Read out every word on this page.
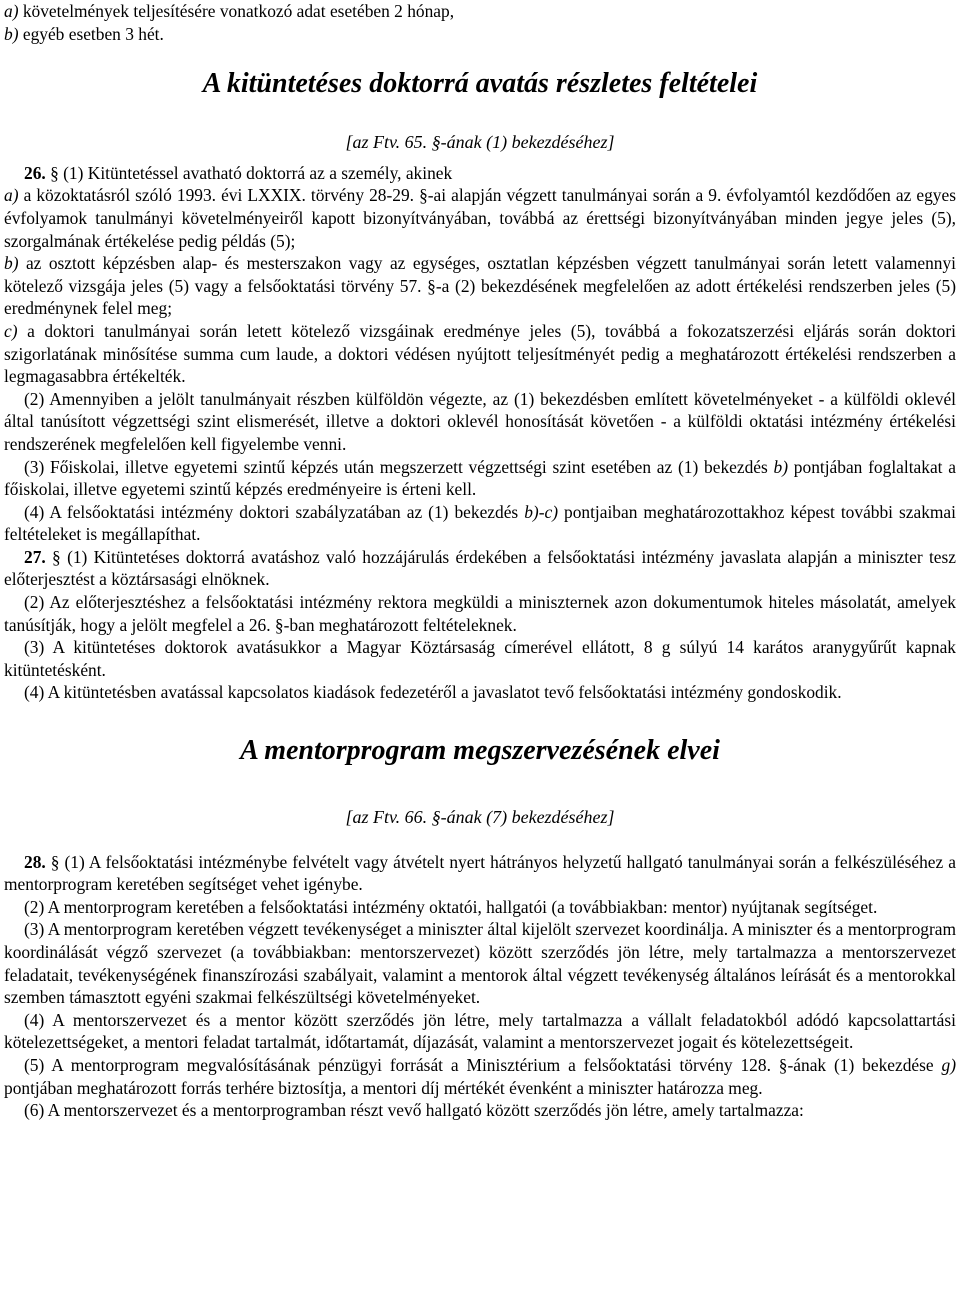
a) követelmények teljesítésére vonatkozó adat esetében 2 hónap,

b) egyéb esetben 3 hét.

A kitüntetéses doktorrá avatás részletes feltételei

[az Ftv. 65. §-ának (1) bekezdéséhez]

26. § (1) Kitüntetéssel avatható doktorrá az a személy, akinek

a) a közoktatásról szóló 1993. évi LXXIX. törvény 28-29. §-ai alapján végzett tanulmányai során a 9. évfolyamtól kezdődően az egyes évfolyamok tanulmányi követelményeiről kapott bizonyítványában, továbbá az érettségi bizonyítványában minden jegye jeles (5), szorgalmának értékelése pedig példás (5);

b) az osztott képzésben alap- és mesterszakon vagy az egységes, osztatlan képzésben végzett tanulmányai során letett valamennyi kötelező vizsgája jeles (5) vagy a felsőoktatási törvény 57. §-a (2) bekezdésének megfelelően az adott értékelési rendszerben jeles (5) eredménynek felel meg;

c) a doktori tanulmányai során letett kötelező vizsgáinak eredménye jeles (5), továbbá a fokozatszerzési eljárás során doktori szigorlatának minősítése summa cum laude, a doktori védésen nyújtott teljesítményét pedig a meghatározott értékelési rendszerben a legmagasabbra értékelték.

(2) Amennyiben a jelölt tanulmányait részben külföldön végezte, az (1) bekezdésben említett követelményeket - a külföldi oklevél által tanúsított végzettségi szint elismerését, illetve a doktori oklevél honosítását követően - a külföldi oktatási intézmény értékelési rendszerének megfelelően kell figyelembe venni.

(3) Főiskolai, illetve egyetemi szintű képzés után megszerzett végzettségi szint esetében az (1) bekezdés b) pontjában foglaltakat a főiskolai, illetve egyetemi szintű képzés eredményeire is érteni kell.

(4) A felsőoktatási intézmény doktori szabályzatában az (1) bekezdés b)-c) pontjaiban meghatározottakhoz képest további szakmai feltételeket is megállapíthat.

27. § (1) Kitüntetéses doktorrá avatáshoz való hozzájárulás érdekében a felsőoktatási intézmény javaslata alapján a miniszter tesz előterjesztést a köztársasági elnöknek.

(2) Az előterjesztéshez a felsőoktatási intézmény rektora megküldi a miniszternek azon dokumentumok hiteles másolatát, amelyek tanúsítják, hogy a jelölt megfelel a 26. §-ban meghatározott feltételeknek.

(3) A kitüntetéses doktorok avatásukkor a Magyar Köztársaság címerével ellátott, 8 g súlyú 14 karátos aranygyűrűt kapnak kitüntetésként.

(4) A kitüntetésben avatással kapcsolatos kiadások fedezetéről a javaslatot tevő felsőoktatási intézmény gondoskodik.

A mentorprogram megszervezésének elvei

[az Ftv. 66. §-ának (7) bekezdéséhez]

28. § (1) A felsőoktatási intézménybe felvételt vagy átvételt nyert hátrányos helyzetű hallgató tanulmányai során a felkészüléséhez a mentorprogram keretében segítséget vehet igénybe.

(2) A mentorprogram keretében a felsőoktatási intézmény oktatói, hallgatói (a továbbiakban: mentor) nyújtanak segítséget.

(3) A mentorprogram keretében végzett tevékenységet a miniszter által kijelölt szervezet koordinálja. A miniszter és a mentorprogram koordinálását végző szervezet (a továbbiakban: mentorszervezet) között szerződés jön létre, mely tartalmazza a mentorszervezet feladatait, tevékenységének finanszírozási szabályait, valamint a mentorok által végzett tevékenység általános leírását és a mentorokkal szemben támasztott egyéni szakmai felkészültségi követelményeket.

(4) A mentorszervezet és a mentor között szerződés jön létre, mely tartalmazza a vállalt feladatokból adódó kapcsolattartási kötelezettségeket, a mentori feladat tartalmát, időtartamát, díjazását, valamint a mentorszervezet jogait és kötelezettségeit.

(5) A mentorprogram megvalósításának pénzügyi forrását a Minisztérium a felsőoktatási törvény 128. §-ának (1) bekezdése g) pontjában meghatározott forrás terhére biztosítja, a mentori díj mértékét évenként a miniszter határozza meg.

(6) A mentorszervezet és a mentorprogramban részt vevő hallgató között szerződés jön létre, amely tartalmazza:
